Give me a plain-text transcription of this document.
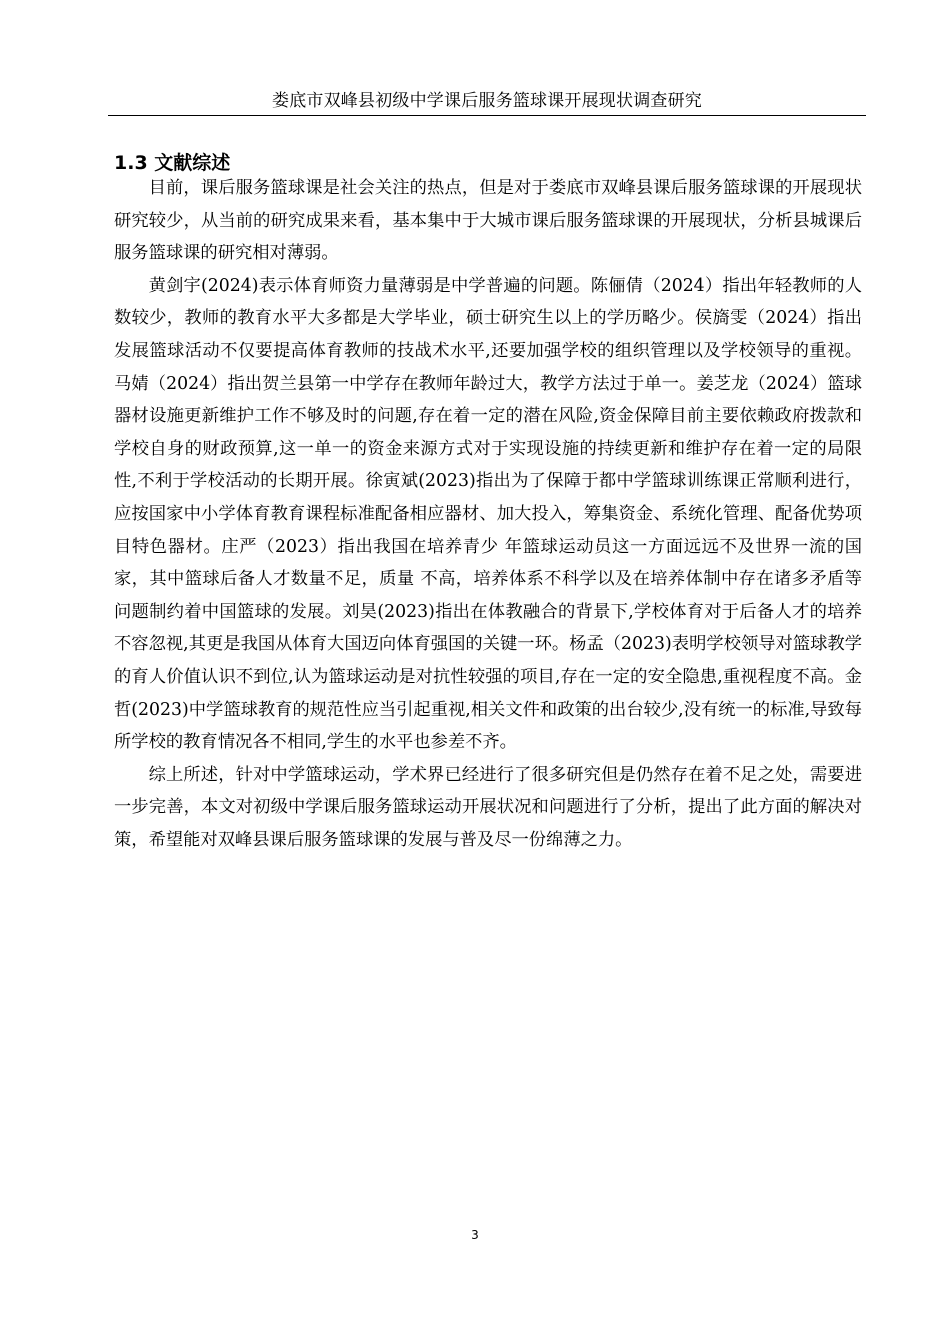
娄底市双峰县初级中学课后服务篮球课开展现状调查研究
1.3 文献综述

目前，课后服务篮球课是社会关注的热点，但是对于娄底市双峰县课后服务篮球课的开展现状研究较少，从当前的研究成果来看，基本集中于大城市课后服务篮球课的开展现状，分析县城课后服务篮球课的研究相对薄弱。

黄剑宇(2024)表示体育师资力量薄弱是中学普遍的问题。陈俪倩（2024）指出年轻教师的人数较少，教师的教育水平大多都是大学毕业，硕士研究生以上的学历略少。侯旖雯（2024）指出发展篮球活动不仅要提高体育教师的技战术水平,还要加强学校的组织管理以及学校领导的重视。马婧（2024）指出贺兰县第一中学存在教师年龄过大，教学方法过于单一。姜芝龙（2024）篮球器材设施更新维护工作不够及时的问题,存在着一定的潜在风险,资金保障目前主要依赖政府拨款和学校自身的财政预算,这一单一的资金来源方式对于实现设施的持续更新和维护存在着一定的局限性,不利于学校活动的长期开展。徐寅斌(2023)指出为了保障于都中学篮球训练课正常顺利进行，应按国家中小学体育教育课程标准配备相应器材、加大投入，筹集资金、系统化管理、配备优势项目特色器材。庄严（2023）指出我国在培养青少 年篮球运动员这一方面远远不及世界一流的国家，其中篮球后备人才数量不足，质量 不高，培养体系不科学以及在培养体制中存在诸多矛盾等问题制约着中国篮球的发展。刘昊(2023)指出在体教融合的背景下,学校体育对于后备人才的培养不容忽视,其更是我国从体育大国迈向体育强国的关键一环。杨孟（2023)表明学校领导对篮球教学的育人价值认识不到位,认为篮球运动是对抗性较强的项目,存在一定的安全隐患,重视程度不高。金哲(2023)中学篮球教育的规范性应当引起重视,相关文件和政策的出台较少,没有统一的标准,导致每所学校的教育情况各不相同,学生的水平也参差不齐。

综上所述，针对中学篮球运动，学术界已经进行了很多研究但是仍然存在着不足之处，需要进一步完善，本文对初级中学课后服务篮球运动开展状况和问题进行了分析，提出了此方面的解决对策，希望能对双峰县课后服务篮球课的发展与普及尽一份绵薄之力。

3
